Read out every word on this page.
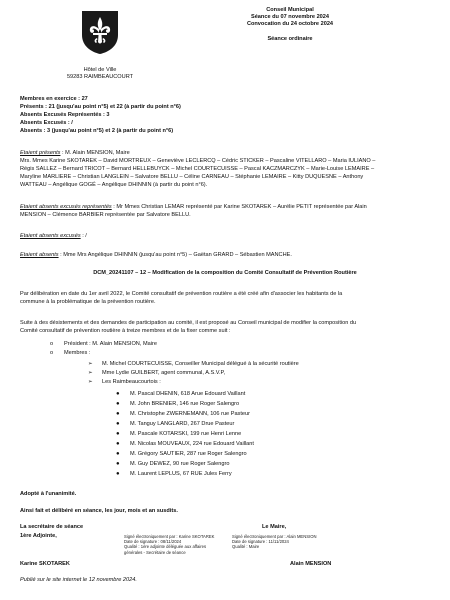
Conseil Municipal
Séance du 07 novembre 2024
Convocation du 24 octobre 2024
Séance ordinaire
Hôtel de Ville
59283 RAIMBEAUCOURT
Membres en exercice : 27
Présents : 21 (jusqu'au point n°5) et 22 (à partir du point n°6)
Absents Excusés Représentés : 3
Absents Excusés : /
Absents : 3 (jusqu'au point n°5) et 2 (à partir du point n°6)
Etaient présents : M. Alain MENSION, Maire
Mrs. Mmes Karine SKOTAREK – David MORTREUX – Geneviève LECLERCQ – Cédric STICKER – Pascaline VITELLARO – Maria IULIANO –
Régis SALLEZ – Bernard TRICOT – Bernard HELLEBUYCK – Michel COURTECUISSE – Pascal KACZMARCZYK – Marie-Louise LEMAIRE –
Maryline MARLIERE – Christian LANGLEIN – Salvatore BELLU – Céline CARNEAU – Stéphanie LEMAIRE – Kitty DUQUESNE – Anthony
WATTEAU – Angélique GOGÉ – Angélique DHINNIN (à partir du point n°6).
Etaient absents excusés représentés : Mr Mmes Christian LEMAR représenté par Karine SKOTAREK – Aurélie PETIT représentée par Alain
MENSION – Clémence BARBIER représentée par Salvatore BELLU.
Etaient absents excusés : /
Etaient absents : Mme Mrs Angélique DHINNIN (jusqu'au point n°5) – Gaëtan GRARD – Sébastien MANCHE.
DCM_20241107 – 12 – Modification de la composition du Comité Consultatif de Prévention Routière
Par délibération en date du 1er avril 2022, le Comité consultatif de prévention routière a été créé afin d'associer les habitants de la
commune à la problématique de la prévention routière.
Suite à des désistements et des demandes de participation au comité, il est proposé au Conseil municipal de modifier la composition du
Comité consultatif de prévention routière à treize membres et de la fixer comme suit :
o Président : M. Alain MENSION, Maire
o Membres :
➢ M. Michel COURTECUISSE, Conseiller Municipal délégué à la sécurité routière
➢ Mme Lydie GUILBERT, agent communal, A.S.V.P,
➢ Les Raimbeaucourtois :
● M. Pascal DHENIN, 618 Arue Edouard Vaillant
● M. John BRENIER, 146 rue Roger Salengro
● M. Christophe ZWERNEMANN, 106 rue Pasteur
● M. Tanguy LANGLARD, 267 Drue Pasteur
● M. Pascale KOTARSKI, 199 rue Henri Lenne
● M. Nicolas MOUVEAUX, 224 rue Edouard Vaillant
● M. Grégory SAUTIER, 287 rue Roger Salengro
● M. Guy DEWEZ, 90 rue Roger Salengro
● M. Laurent LEPLUS, 67 RUE Jules Ferry
Adopté à l'unanimité.
Ainsi fait et délibéré en séance, les jour, mois et an susdits.
La secrétaire de séance
1ère Adjointe,	Signé électroniquement par : Karine SKOTAREK
Date de signature : 08/11/2024
Qualité : 1ère adjointe déléguée aux affaires
générales - Secrétaire de séance
Karine SKOTAREK
Le Maire,
Signé électroniquement par : Alain MENSION
Date de signature : 11/11/2024
Qualité : Maire
Alain MENSION
Publié sur le site internet le 12 novembre 2024.
